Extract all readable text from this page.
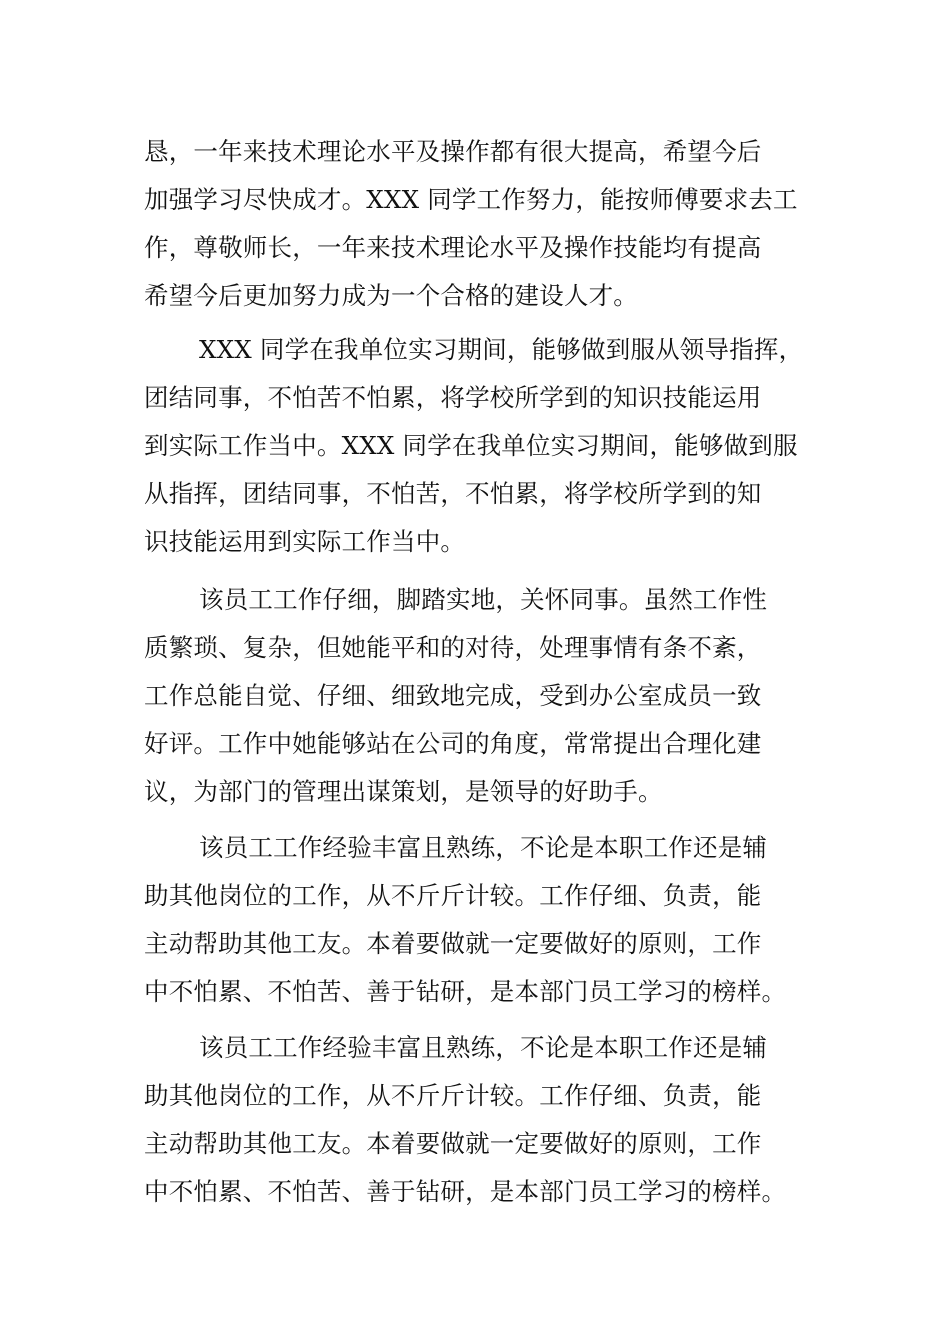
恳，一年来技术理论水平及操作都有很大提高，希望今后
加强学习尽快成才。XXX 同学工作努力，能按师傅要求去工
作，尊敬师长，一年来技术理论水平及操作技能均有提高
希望今后更加努力成为一个合格的建设人才。
XXX 同学在我单位实习期间，能够做到服从领导指挥，
团结同事，不怕苦不怕累，将学校所学到的知识技能运用
到实际工作当中。XXX 同学在我单位实习期间，能够做到服
从指挥，团结同事，不怕苦，不怕累，将学校所学到的知
识技能运用到实际工作当中。
该员工工作仔细，脚踏实地，关怀同事。虽然工作性
质繁琐、复杂，但她能平和的对待，处理事情有条不紊，
工作总能自觉、仔细、细致地完成，受到办公室成员一致
好评。工作中她能够站在公司的角度，常常提出合理化建
议，为部门的管理出谋策划，是领导的好助手。
该员工工作经验丰富且熟练，不论是本职工作还是辅
助其他岗位的工作，从不斤斤计较。工作仔细、负责，能
主动帮助其他工友。本着要做就一定要做好的原则，工作
中不怕累、不怕苦、善于钻研，是本部门员工学习的榜样。
该员工工作经验丰富且熟练，不论是本职工作还是辅
助其他岗位的工作，从不斤斤计较。工作仔细、负责，能
主动帮助其他工友。本着要做就一定要做好的原则，工作
中不怕累、不怕苦、善于钻研，是本部门员工学习的榜样。
